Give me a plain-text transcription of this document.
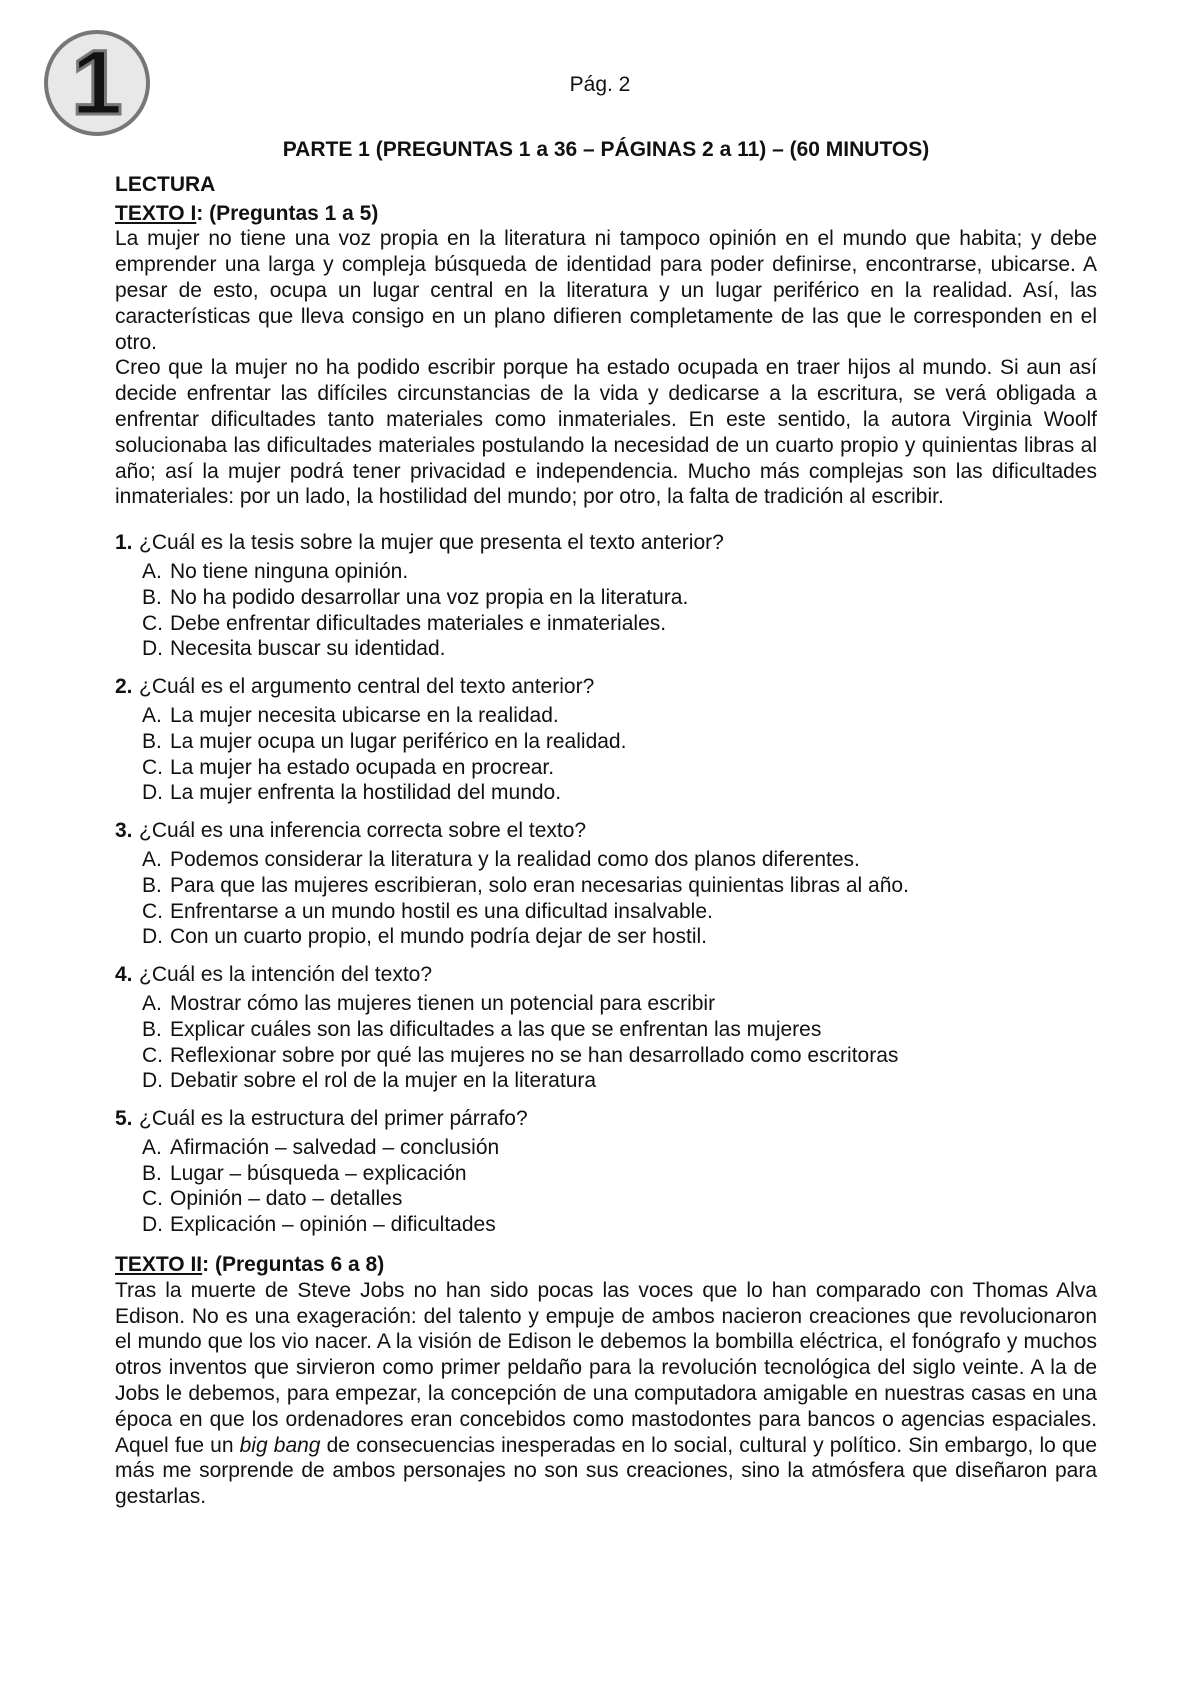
1	Pág. 2
PARTE 1 (PREGUNTAS 1 a 36 – PÁGINAS 2 a 11) – (60 MINUTOS)
LECTURA
TEXTO I: (Preguntas 1 a 5)

La mujer no tiene una voz propia en la literatura ni tampoco opinión en el mundo que habita; y debe emprender una larga y compleja búsqueda de identidad para poder definirse, encontrarse, ubicarse. A pesar de esto, ocupa un lugar central en la literatura y un lugar periférico en la realidad. Así, las características que lleva consigo en un plano difieren completamente de las que le corresponden en el otro.

Creo que la mujer no ha podido escribir porque ha estado ocupada en traer hijos al mundo. Si aun así decide enfrentar las difíciles circunstancias de la vida y dedicarse a la escritura, se verá obligada a enfrentar dificultades tanto materiales como inmateriales. En este sentido, la autora Virginia Woolf solucionaba las dificultades materiales postulando la necesidad de un cuarto propio y quinientas libras al año; así la mujer podrá tener privacidad e independencia. Mucho más complejas son las dificultades inmateriales: por un lado, la hostilidad del mundo; por otro, la falta de tradición al escribir.

1. ¿Cuál es la tesis sobre la mujer que presenta el texto anterior?
A. No tiene ninguna opinión.
B. No ha podido desarrollar una voz propia en la literatura.
C. Debe enfrentar dificultades materiales e inmateriales.
D. Necesita buscar su identidad.
2. ¿Cuál es el argumento central del texto anterior?
A. La mujer necesita ubicarse en la realidad.
B. La mujer ocupa un lugar periférico en la realidad.
C. La mujer ha estado ocupada en procrear.
D. La mujer enfrenta la hostilidad del mundo.
3. ¿Cuál es una inferencia correcta sobre el texto?
A. Podemos considerar la literatura y la realidad como dos planos diferentes.
B. Para que las mujeres escribieran, solo eran necesarias quinientas libras al año.
C. Enfrentarse a un mundo hostil es una dificultad insalvable.
D. Con un cuarto propio, el mundo podría dejar de ser hostil.
4. ¿Cuál es la intención del texto?
A. Mostrar cómo las mujeres tienen un potencial para escribir
B. Explicar cuáles son las dificultades a las que se enfrentan las mujeres
C. Reflexionar sobre por qué las mujeres no se han desarrollado como escritoras
D. Debatir sobre el rol de la mujer en la literatura
5. ¿Cuál es la estructura del primer párrafo?
A. Afirmación – salvedad – conclusión
B. Lugar – búsqueda – explicación
C. Opinión – dato – detalles
D. Explicación – opinión – dificultades
TEXTO II: (Preguntas 6 a 8)

Tras la muerte de Steve Jobs no han sido pocas las voces que lo han comparado con Thomas Alva Edison. No es una exageración: del talento y empuje de ambos nacieron creaciones que revolucionaron el mundo que los vio nacer. A la visión de Edison le debemos la bombilla eléctrica, el fonógrafo y muchos otros inventos que sirvieron como primer peldaño para la revolución tecnológica del siglo veinte. A la de Jobs le debemos, para empezar, la concepción de una computadora amigable en nuestras casas en una época en que los ordenadores eran concebidos como mastodontes para bancos o agencias espaciales. Aquel fue un big bang de consecuencias inesperadas en lo social, cultural y político. Sin embargo, lo que más me sorprende de ambos personajes no son sus creaciones, sino la atmósfera que diseñaron para gestarlas.
